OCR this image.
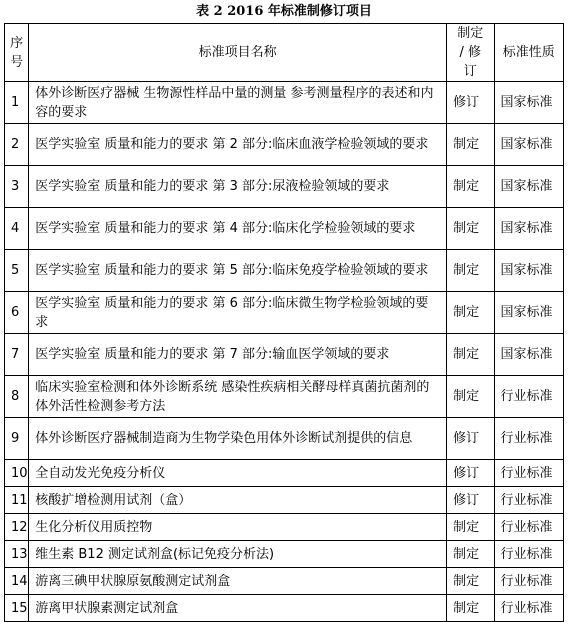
表 2 2016 年标准制修订项目
序号	标准项目名称	制定 / 修订	标准性质
1	体外诊断医疗器械 生物源性样品中量的测量 参考测量程序的表述和内容的要求	修订	国家标准
2	医学实验室 质量和能力的要求 第 2 部分:临床血液学检验领域的要求	制定	国家标准
3	医学实验室 质量和能力的要求 第 3 部分:尿液检验领域的要求	制定	国家标准
4	医学实验室 质量和能力的要求 第 4 部分:临床化学检验领域的要求	制定	国家标准
5	医学实验室 质量和能力的要求 第 5 部分:临床免疫学检验领域的要求	制定	国家标准
6	医学实验室 质量和能力的要求 第 6 部分:临床微生物学检验领域的要求	制定	国家标准
7	医学实验室 质量和能力的要求 第 7 部分:输血医学领域的要求	制定	国家标准
8	临床实验室检测和体外诊断系统 感染性疾病相关酵母样真菌抗菌剂的体外活性检测参考方法	制定	行业标准
9	体外诊断医疗器械制造商为生物学染色用体外诊断试剂提供的信息	修订	行业标准
10	全自动发光免疫分析仪	修订	行业标准
11	核酸扩增检测用试剂（盒）	修订	行业标准
12	生化分析仪用质控物	制定	行业标准
13	维生素 B12 测定试剂盒(标记免疫分析法)	制定	行业标准
14	游离三碘甲状腺原氨酸测定试剂盒	制定	行业标准
15	游离甲状腺素测定试剂盒	制定	行业标准
